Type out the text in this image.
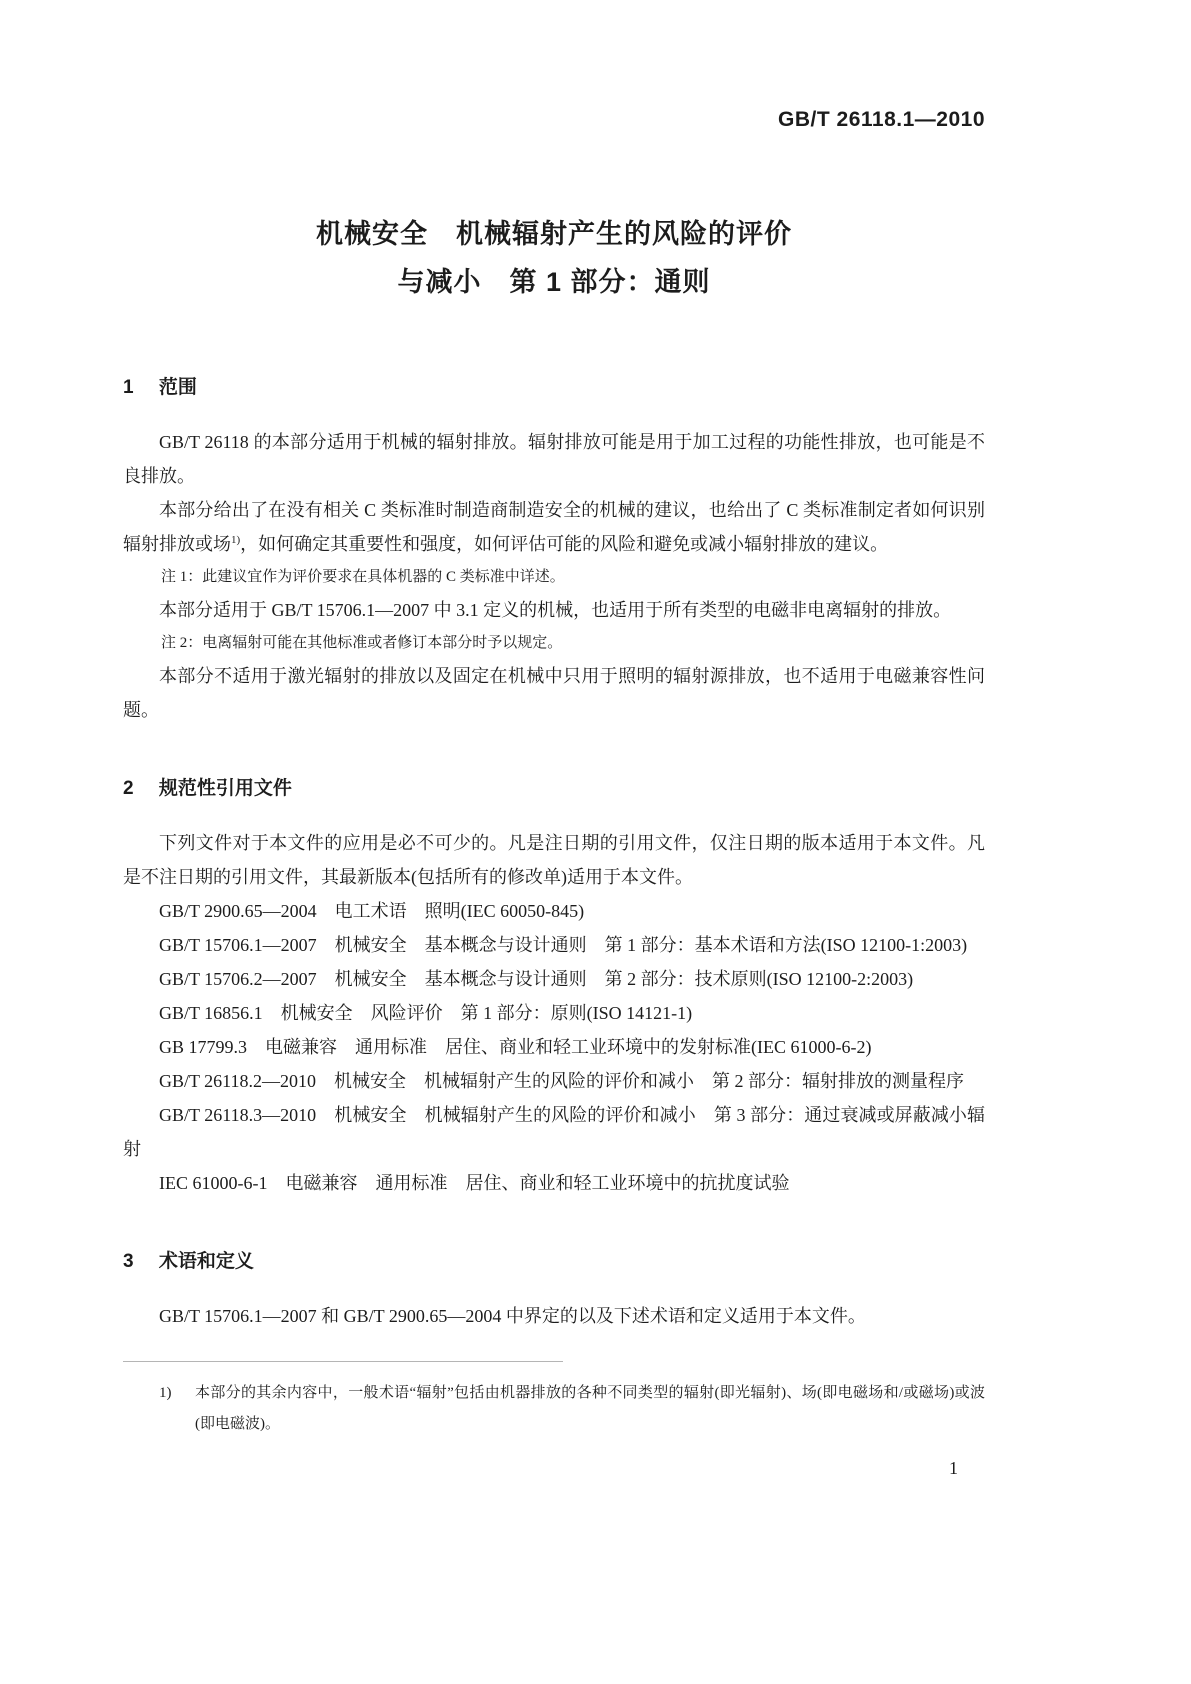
GB/T 26118.1—2010
机械安全　机械辐射产生的风险的评价
与减小　第 1 部分：通则
1 范围

GB/T 26118 的本部分适用于机械的辐射排放。辐射排放可能是用于加工过程的功能性排放，也可能是不良排放。

本部分给出了在没有相关 C 类标准时制造商制造安全的机械的建议，也给出了 C 类标准制定者如何识别辐射排放或场$^{1)}$，如何确定其重要性和强度，如何评估可能的风险和避免或减小辐射排放的建议。

注 1：此建议宜作为评价要求在具体机器的 C 类标准中详述。

本部分适用于 GB/T 15706.1—2007 中 3.1 定义的机械，也适用于所有类型的电磁非电离辐射的排放。

注 2：电离辐射可能在其他标准或者修订本部分时予以规定。

本部分不适用于激光辐射的排放以及固定在机械中只用于照明的辐射源排放，也不适用于电磁兼容性问题。

2 规范性引用文件

下列文件对于本文件的应用是必不可少的。凡是注日期的引用文件，仅注日期的版本适用于本文件。凡是不注日期的引用文件，其最新版本(包括所有的修改单)适用于本文件。

GB/T 2900.65—2004　电工术语　照明(IEC 60050-845)

GB/T 15706.1—2007　机械安全　基本概念与设计通则　第 1 部分：基本术语和方法(ISO 12100-1:2003)

GB/T 15706.2—2007　机械安全　基本概念与设计通则　第 2 部分：技术原则(ISO 12100-2:2003)

GB/T 16856.1　机械安全　风险评价　第 1 部分：原则(ISO 14121-1)

GB 17799.3　电磁兼容　通用标准　居住、商业和轻工业环境中的发射标准(IEC 61000-6-2)

GB/T 26118.2—2010　机械安全　机械辐射产生的风险的评价和减小　第 2 部分：辐射排放的测量程序

GB/T 26118.3—2010　机械安全　机械辐射产生的风险的评价和减小　第 3 部分：通过衰减或屏蔽减小辐射

IEC 61000-6-1　电磁兼容　通用标准　居住、商业和轻工业环境中的抗扰度试验

3 术语和定义

GB/T 15706.1—2007 和 GB/T 2900.65—2004 中界定的以及下述术语和定义适用于本文件。

1)	本部分的其余内容中，一般术语“辐射”包括由机器排放的各种不同类型的辐射(即光辐射)、场(即电磁场和/或磁场)或波(即电磁波)。
1
